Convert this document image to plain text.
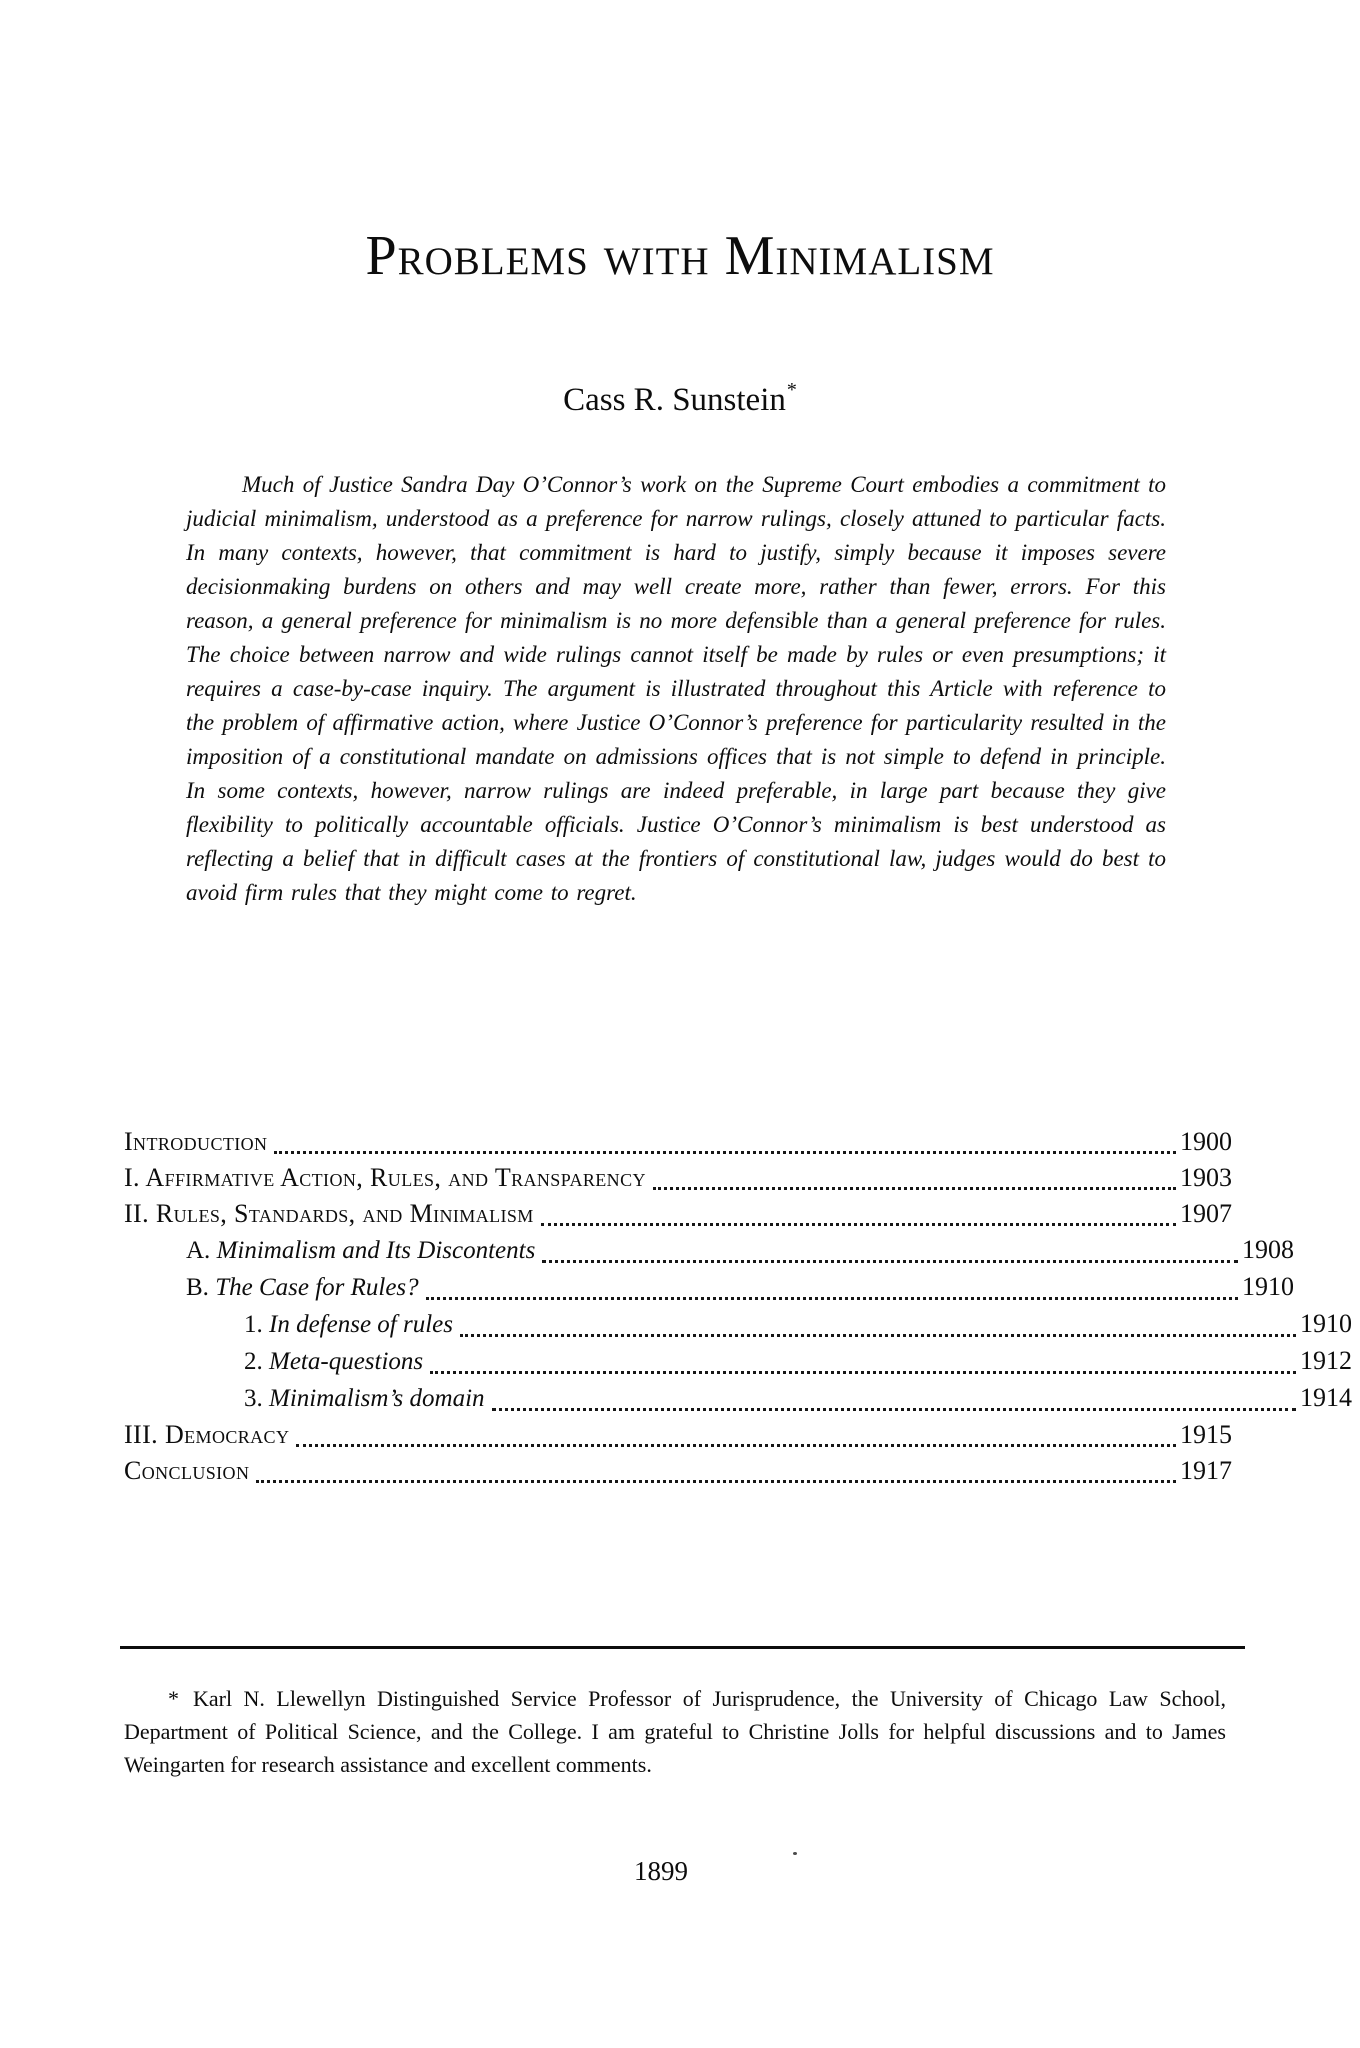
Problems with Minimalism
Cass R. Sunstein*

Much of Justice Sandra Day O’Connor’s work on the Supreme Court embodies a commitment to judicial minimalism, understood as a preference for narrow rulings, closely attuned to particular facts. In many contexts, however, that commitment is hard to justify, simply because it imposes severe decisionmaking burdens on others and may well create more, rather than fewer, errors. For this reason, a general preference for minimalism is no more defensible than a general preference for rules. The choice between narrow and wide rulings cannot itself be made by rules or even presumptions; it requires a case-by-case inquiry. The argument is illustrated throughout this Article with reference to the problem of affirmative action, where Justice O’Connor’s preference for particularity resulted in the imposition of a constitutional mandate on admissions offices that is not simple to defend in principle. In some contexts, however, narrow rulings are indeed preferable, in large part because they give flexibility to politically accountable officials. Justice O’Connor’s minimalism is best understood as reflecting a belief that in difficult cases at the frontiers of constitutional law, judges would do best to avoid firm rules that they might come to regret.

Introduction	1900
I. Affirmative Action, Rules, and Transparency	1903
II. Rules, Standards, and Minimalism	1907
A. Minimalism and Its Discontents	1908
B. The Case for Rules?	1910
1. In defense of rules	1910
2. Meta-questions	1912
3. Minimalism’s domain	1914
III. Democracy	1915
Conclusion	1917

* Karl N. Llewellyn Distinguished Service Professor of Jurisprudence, the University of Chicago Law School, Department of Political Science, and the College. I am grateful to Christine Jolls for helpful discussions and to James Weingarten for research assistance and excellent comments.

1899
